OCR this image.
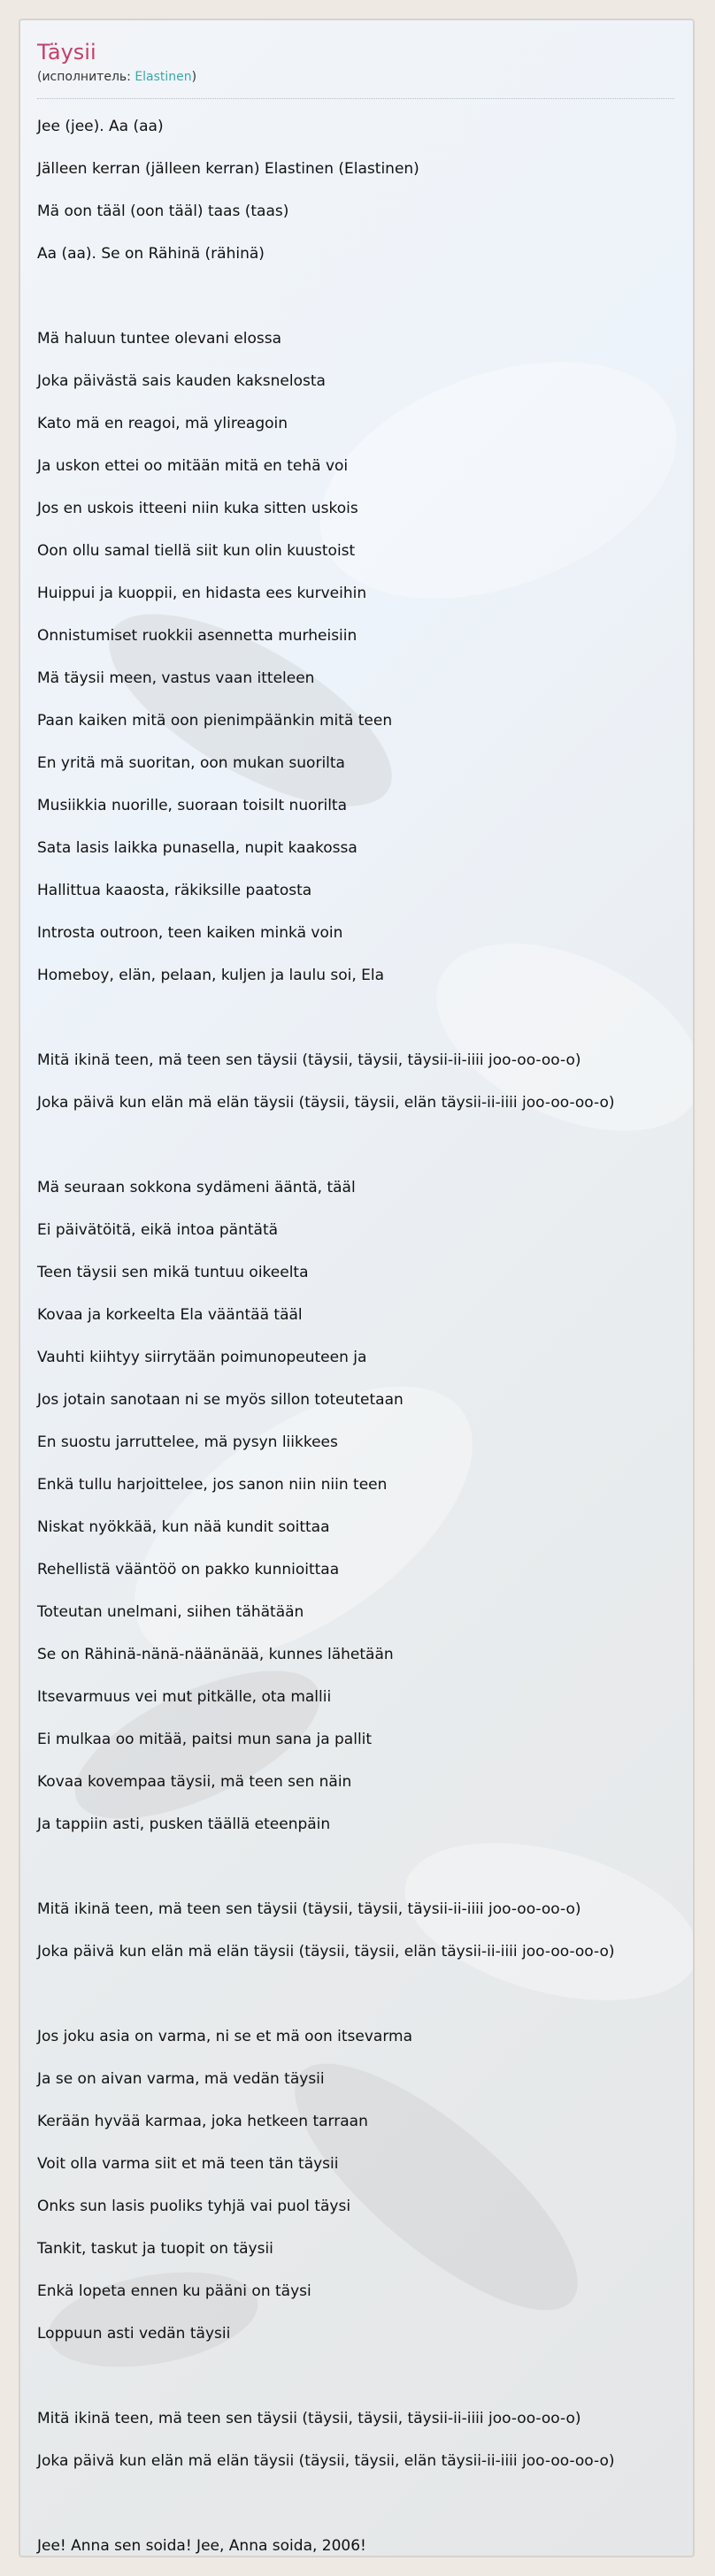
Täysii
(исполнитель: Elastinen)
Jee (jee). Aa (aa)
Jälleen kerran (jälleen kerran) Elastinen (Elastinen)
Mä oon tääl (oon tääl) taas (taas)
Aa (aa). Se on Rähinä (rähinä)
Mä haluun tuntee olevani elossa
Joka päivästä sais kauden kaksnelosta
Kato mä en reagoi, mä ylireagoin
Ja uskon ettei oo mitään mitä en tehä voi
Jos en uskois itteeni niin kuka sitten uskois
Oon ollu samal tiellä siit kun olin kuustoist
Huippui ja kuoppii, en hidasta ees kurveihin
Onnistumiset ruokkii asennetta murheisiin
Mä täysii meen, vastus vaan itteleen
Paan kaiken mitä oon pienimpäänkin mitä teen
En yritä mä suoritan, oon mukan suorilta
Musiikkia nuorille, suoraan toisilt nuorilta
Sata lasis laikka punasella, nupit kaakossa
Hallittua kaaosta, räkiksille paatosta
Introsta outroon, teen kaiken minkä voin
Homeboy, elän, pelaan, kuljen ja laulu soi, Ela
Mitä ikinä teen, mä teen sen täysii (täysii, täysii, täysii-ii-iiii joo-oo-oo-o)
Joka päivä kun elän mä elän täysii (täysii, täysii, elän täysii-ii-iiii joo-oo-oo-o)
Mä seuraan sokkona sydämeni ääntä, tääl
Ei päivätöitä, eikä intoa päntätä
Teen täysii sen mikä tuntuu oikeelta
Kovaa ja korkeelta Ela vääntää tääl
Vauhti kiihtyy siirrytään poimunopeuteen ja
Jos jotain sanotaan ni se myös sillon toteutetaan
En suostu jarruttelee, mä pysyn liikkees
Enkä tullu harjoittelee, jos sanon niin niin teen
Niskat nyökkää, kun nää kundit soittaa
Rehellistä vääntöö on pakko kunnioittaa
Toteutan unelmani, siihen tähätään
Se on Rähinä-nänä-näänänää, kunnes lähetään
Itsevarmuus vei mut pitkälle, ota mallii
Ei mulkaa oo mitää, paitsi mun sana ja pallit
Kovaa kovempaa täysii, mä teen sen näin
Ja tappiin asti, pusken täällä eteenpäin
Mitä ikinä teen, mä teen sen täysii (täysii, täysii, täysii-ii-iiii joo-oo-oo-o)
Joka päivä kun elän mä elän täysii (täysii, täysii, elän täysii-ii-iiii joo-oo-oo-o)
Jos joku asia on varma, ni se et mä oon itsevarma
Ja se on aivan varma, mä vedän täysii
Kerään hyvää karmaa, joka hetkeen tarraan
Voit olla varma siit et mä teen tän täysii
Onks sun lasis puoliks tyhjä vai puol täysi
Tankit, taskut ja tuopit on täysii
Enkä lopeta ennen ku pääni on täysi
Loppuun asti vedän täysii
Mitä ikinä teen, mä teen sen täysii (täysii, täysii, täysii-ii-iiii joo-oo-oo-o)
Joka päivä kun elän mä elän täysii (täysii, täysii, elän täysii-ii-iiii joo-oo-oo-o)
Jee! Anna sen soida! Jee, Anna soida, 2006!
